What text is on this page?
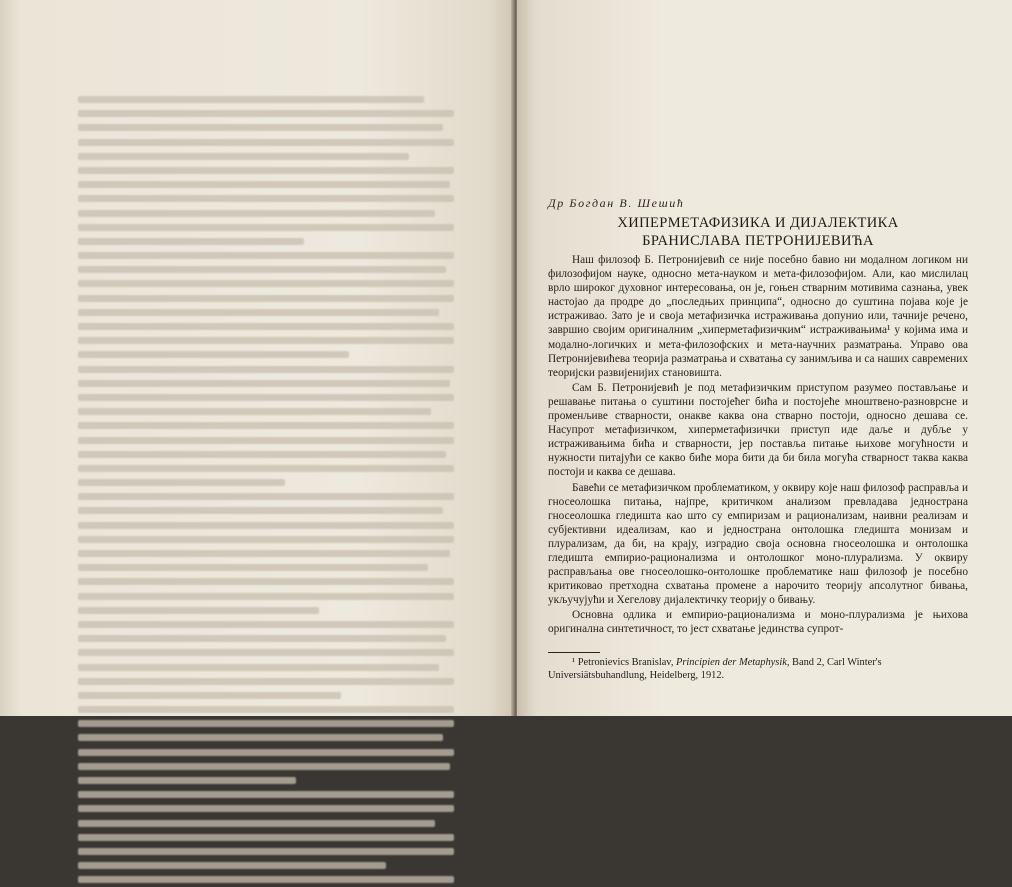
Др Богдан В. Шешић
ХИПЕРМЕТАФИЗИКА И ДИЈАЛЕКТИКА
БРАНИСЛАВА ПЕТРОНИЈЕВИЋА

Наш филозоф Б. Петронијевић се није посебно бавио ни модалном логиком ни филозофијом науке, односно мета-науком и мета-филозофијом. Али, као мислилац врло широког духовног интересовања, он је, гоњен стварним мотивима сазнања, увек настојао да продре до „последњих принципа“, односно до суштина појава које је истраживао. Зато је и своја метафизичка истраживања допунио или, тачније речено, завршио својим оригиналним „хиперметафизичким“ истраживањима¹ у којима има и модално-логичких и мета-филозофских и мета-научних разматрања. Управо ова Петронијевићева теорија разматрања и схватања су занимљива и са наших савремених теоријски развијенијих становишта.

Сам Б. Петронијевић је под метафизичким приступом разумео постављање и решавање питања о суштини постојећег бића и постојеће мноштвено-разноврсне и променљиве стварности, онакве каква она стварно постоји, односно дешава се. Насупрот метафизичком, хиперметафизички приступ иде даље и дубље у истраживањима бића и стварности, јер поставља питање њихове могућности и нужности питајући се какво биће мора бити да би била могућа стварност таква каква постоји и каква се дешава.

Бавећи се метафизичком проблематиком, у оквиру које наш филозоф расправља и гносеолошка питања, најпре, критичком анализом превладава једнострана гносеолошка гледишта као што су емпиризам и рационализам, наивни реализам и субјективни идеализам, као и једнострана онтолошка гледишта монизам и плурализам, да би, на крају, изградио своја основна гносеолошка и онтолошка гледишта емпирио-рационализма и онтолошког моно-плурализма. У оквиру расправљања ове гносеолошко-онтолошке проблематике наш филозоф је посебно критиковао претходна схватања промене а нарочито теорију апсолутног бивања, укључујући и Хегелову дијалектичку теорију о бивању.

Основна одлика и емпирио-рационализма и моно-плурализма је њихова оригинална синтетичност, то јест схватање јединства супрот-

¹ Petronievics Branislav, Principien der Metaphysik, Band 2, Carl Winter's Universiätsbuhandlung, Heidelberg, 1912.
